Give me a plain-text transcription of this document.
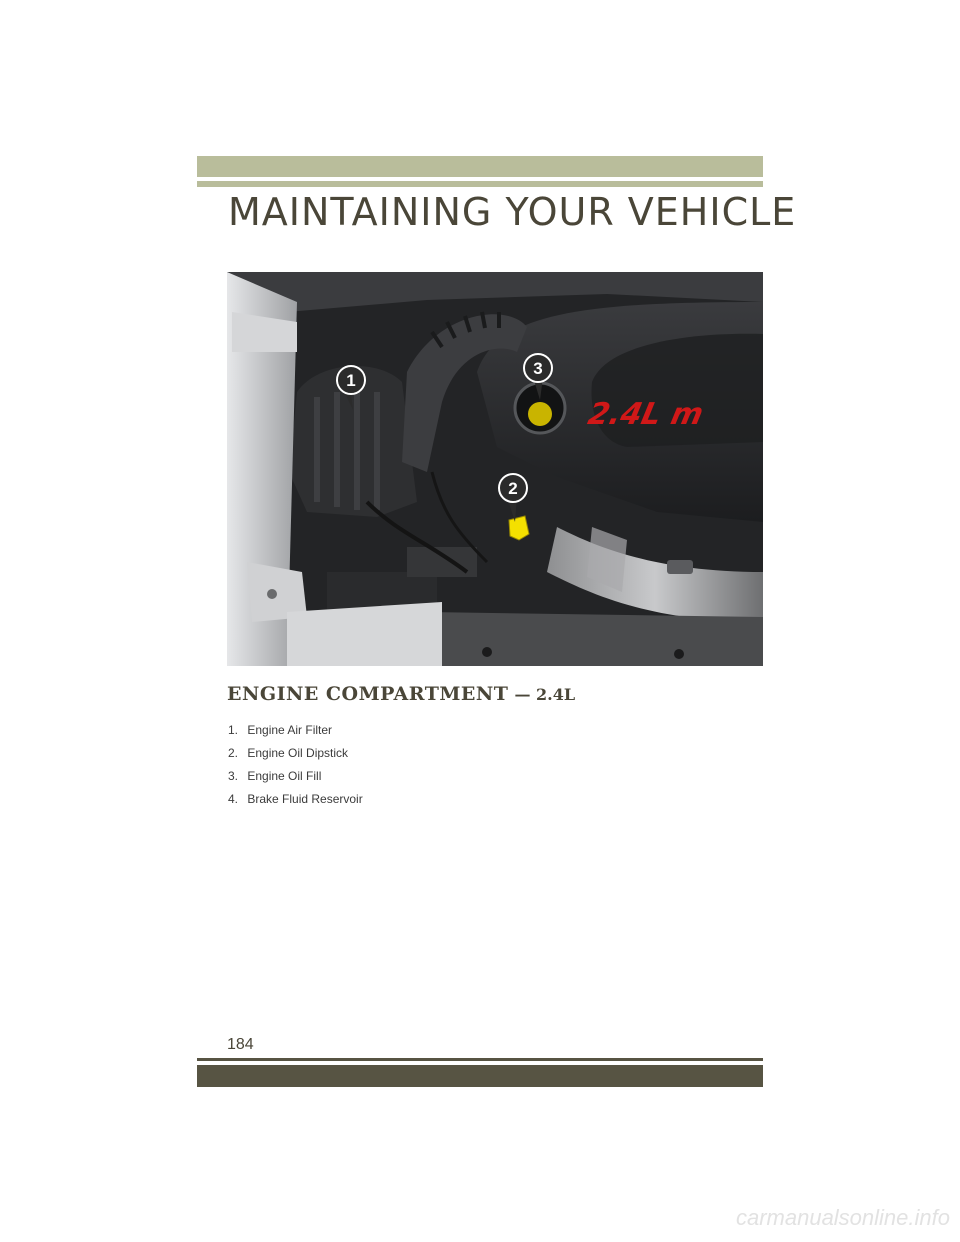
MAINTAINING YOUR VEHICLE
2.4L m
1
2
3
ENGINE COMPARTMENT — 2.4L
1. Engine Air Filter
2. Engine Oil Dipstick
3. Engine Oil Fill
4. Brake Fluid Reservoir
184
carmanualsonline.info
